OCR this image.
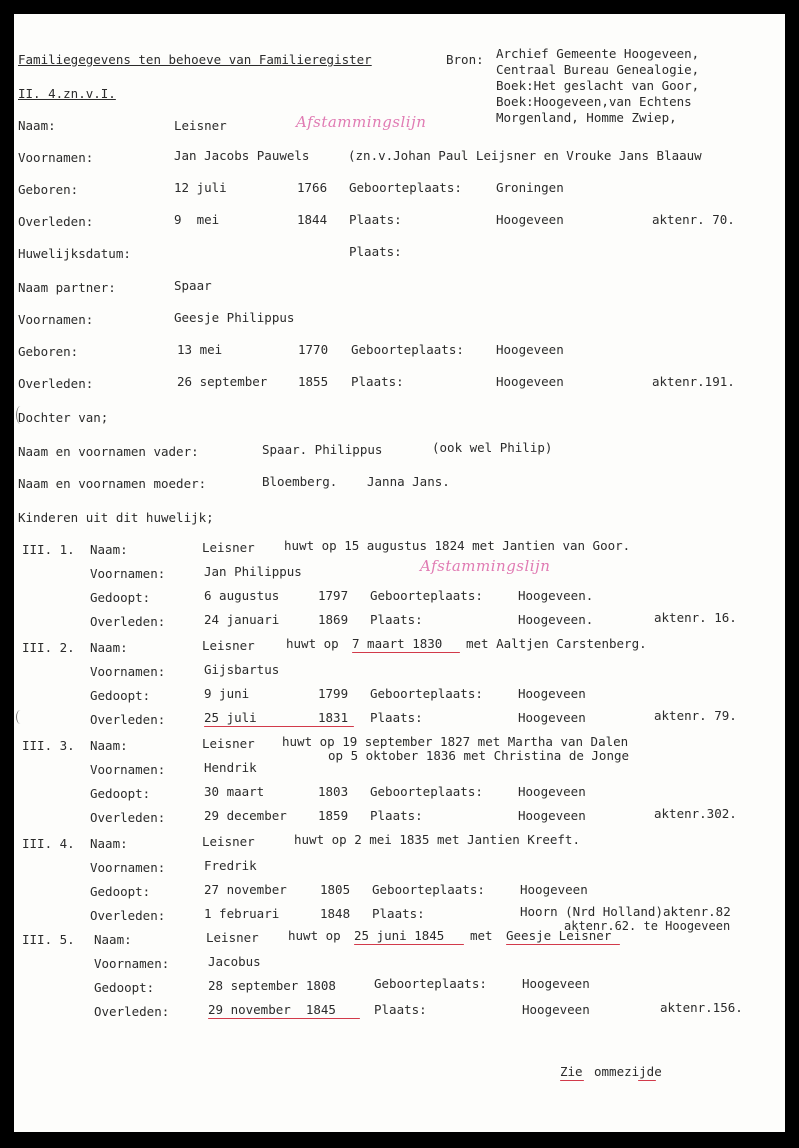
Familiegegevens ten behoeve van Familieregister	Bron: Archief Gemeente Hoogeveen,
Centraal Bureau Genealogie,
Boek:Het geslacht van Goor,
Boek:Hoogeveen,van Echtens
Morgenland, Homme Zwiep,
II. 4.zn.v.I.
Naam:	Leisner	Afstammingslijn
Voornamen:	Jan Jacobs Pauwels	(zn.v.Johan Paul Leijsner en Vrouke Jans Blaauw
Geboren:	12 juli	1766 Geboorteplaats:	Groningen
Overleden:	9  mei	1844 Plaats:	Hoogeveen	aktenr. 70.
Huwelijksdatum:	Plaats:
Naam partner:	Spaar
Voornamen:	Geesje Philippus
Geboren:	13 mei	1770 Geboorteplaats:	Hoogeveen
Overleden:	26 september 1855 Plaats:	Hoogeveen	aktenr.191.
Dochter van;
Naam en voornamen vader:	Spaar. Philippus	(ook wel Philip)
Naam en voornamen moeder:	Bloemberg. Janna Jans.
Kinderen uit dit huwelijk;
III. 1. Naam:	Leisner huwt op 15 augustus 1824 met Jantien van Goor.
Voornamen:	Jan Philippus	Afstammingslijn
Gedoopt:	6 augustus	1797 Geboorteplaats:	Hoogeveen.
Overleden:	24 januari	1869 Plaats:	Hoogeveen.	aktenr. 16.
III. 2. Naam:	Leisner	huwt op 7 maart 1830 met Aaltjen Carstenberg.
Voornamen:	Gijsbartus
Gedoopt:	9 juni	1799 Geboorteplaats:	Hoogeveen
Overleden:	25 juli	1831 Plaats:	Hoogeveen	aktenr. 79.
III. 3. Naam:	Leisner huwt op 19 september 1827 met Martha van Dalen
op 5 oktober 1836 met Christina de Jonge
Voornamen:	Hendrik
Gedoopt:	30 maart	1803 Geboorteplaats:	Hoogeveen
Overleden:	29 december 1859 Plaats:	Hoogeveen	aktenr.302.
III. 4. Naam:	Leisner	huwt op 2 mei 1835 met Jantien Kreeft.
Voornamen:	Fredrik
Gedoopt:	27 november	1805 Geboorteplaats:	Hoogeveen
Overleden:	1 februari	1848 Plaats:	Hoorn (Nrd Holland)aktenr.82
aktenr.62. te Hoogeveen
III. 5. Naam:	Leisner huwt op 25 juni 1845 met Geesje Leisner
Voornamen:	Jacobus
Gedoopt:	28 september 1808	Geboorteplaats:	Hoogeveen
Overleden:	29 november  1845	Plaats:	Hoogeveen	aktenr.156.
Zie ommezijde
